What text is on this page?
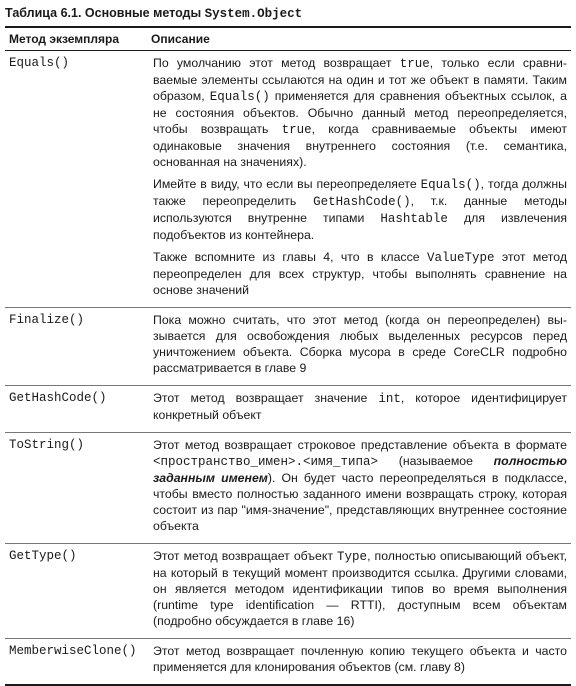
Таблица 6.1. Основные методы System.Object
Метод экземпляра	Описание
Equals()	По умолчанию этот метод возвращает true, только если сравниваемые элементы ссылаются на один и тот же объект в памяти. Таким образом, Equals() применяется для сравнения объектных ссылок, а не состояния объектов. Обычно данный метод переопределяется, чтобы возвращать true, когда сравниваемые объекты имеют одинаковые значения внутреннего состояния (т.е. семантика, основанная на значениях).
Имейте в виду, что если вы переопределяете Equals(), тогда должны также переопределить GetHashCode(), т.к. данные методы используются внутренне типами Hashtable для извлечения подобъектов из контейнера.
Также вспомните из главы 4, что в классе ValueType этот метод переопределен для всех структур, чтобы выполнять сравнение на основе значений

Finalize()	Пока можно считать, что этот метод (когда он переопределен) вызывается для освобождения любых выделенных ресурсов перед уничтожением объекта. Сборка мусора в среде CoreCLR подробно рассматривается в главе 9

GetHashCode()	Этот метод возвращает значение int, которое идентифицирует конкретный объект

ToString()	Этот метод возвращает строковое представление объекта в формате <пространство_имен>.<имя_типа> (называемое полностью заданным именем). Он будет часто переопределяться в подклассе, чтобы вместо полностью заданного имени возвращать строку, которая состоит из пар "имя-значение", представляющих внутреннее состояние объекта

GetType()	Этот метод возвращает объект Type, полностью описывающий объект, на который в текущий момент производится ссылка. Другими словами, он является методом идентификации типов во время выполнения (runtime type identification — RTTI), доступным всем объектам (подробно обсуждается в главе 16)

MemberwiseClone()	Этот метод возвращает почленную копию текущего объекта и часто применяется для клонирования объектов (см. главу 8)
